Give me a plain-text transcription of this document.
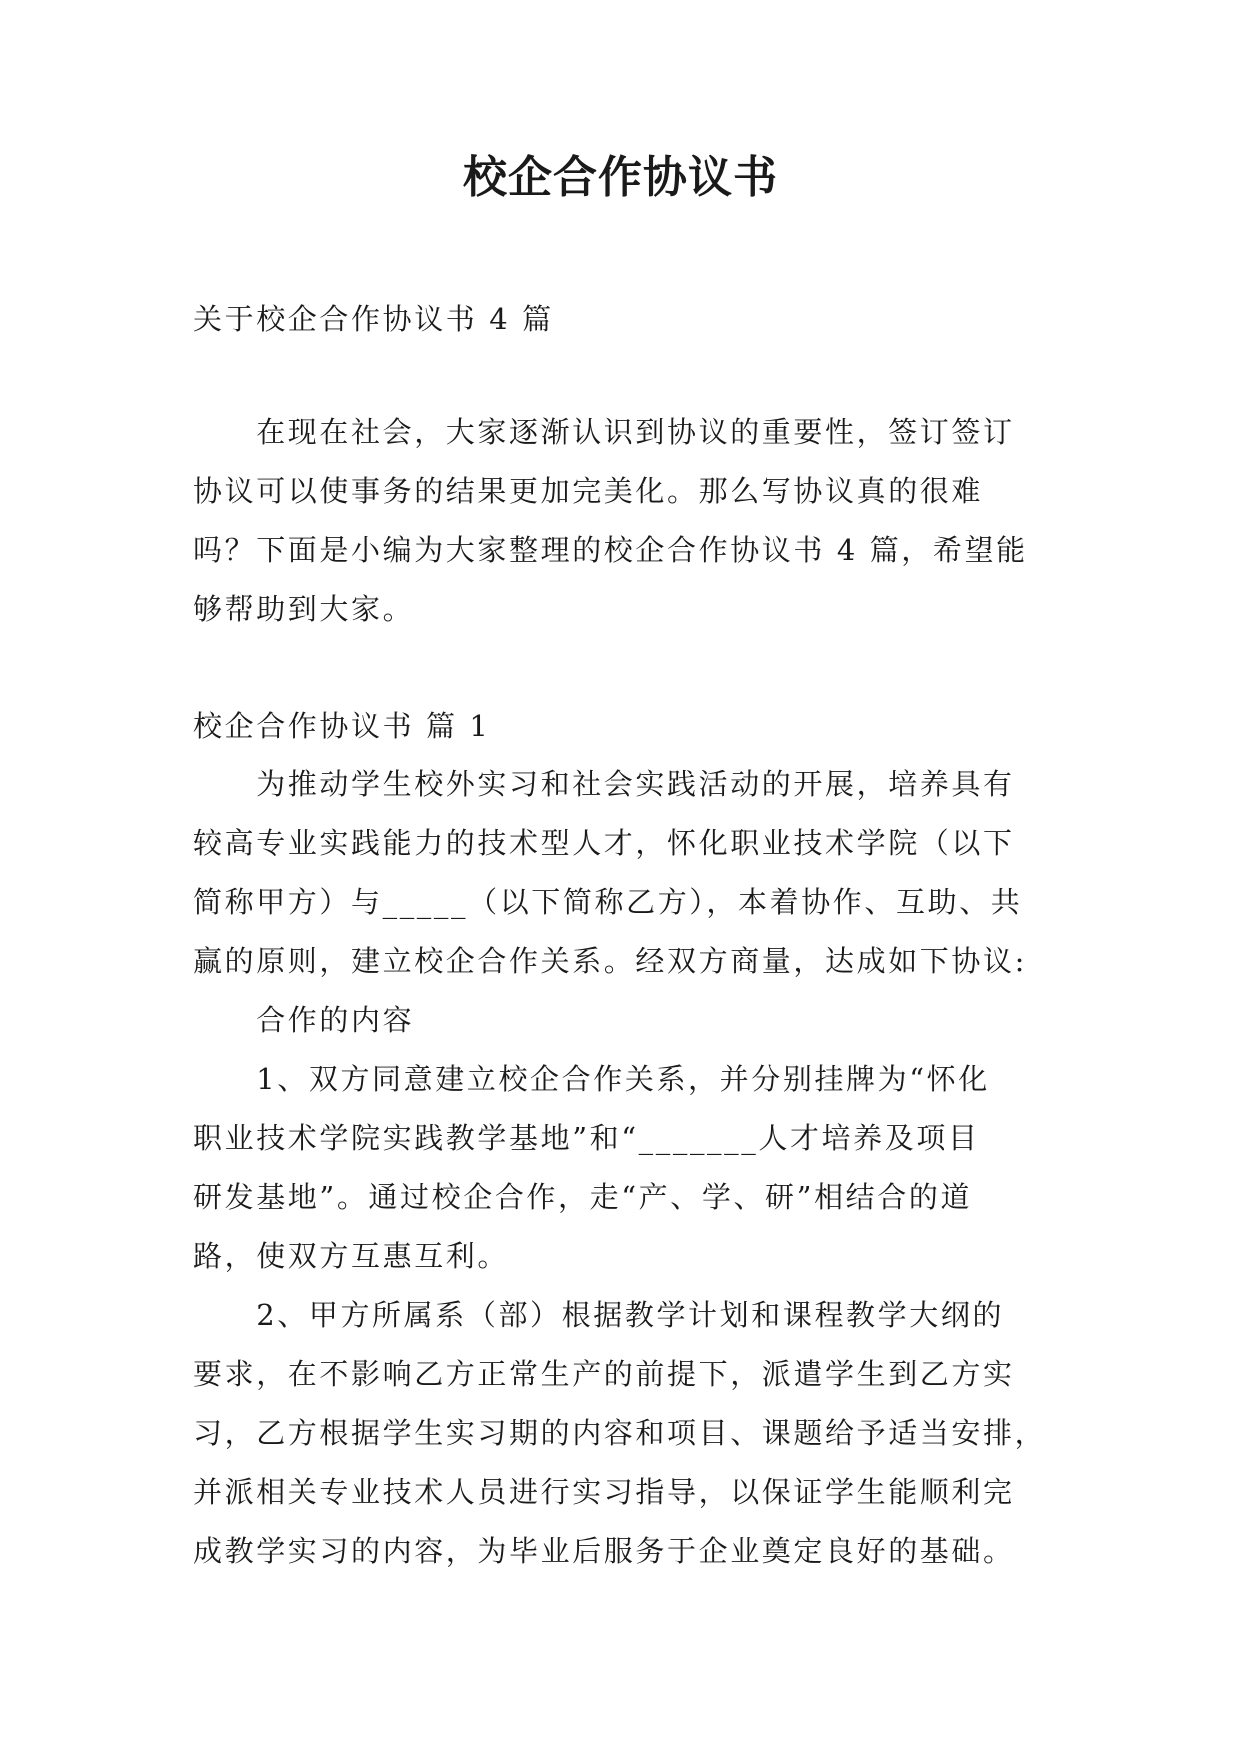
校企合作协议书

关于校企合作协议书 4 篇

　　在现在社会，大家逐渐认识到协议的重要性，签订签订
协议可以使事务的结果更加完美化。那么写协议真的很难
吗？下面是小编为大家整理的校企合作协议书 4 篇，希望能
够帮助到大家。

校企合作协议书 篇 1

　　为推动学生校外实习和社会实践活动的开展，培养具有
较高专业实践能力的技术型人才，怀化职业技术学院（以下
简称甲方）与_____（以下简称乙方），本着协作、互助、共
赢的原则，建立校企合作关系。经双方商量，达成如下协议:
　　合作的内容
　　1、双方同意建立校企合作关系，并分别挂牌为“怀化
职业技术学院实践教学基地”和“_______人才培养及项目
研发基地”。通过校企合作，走“产、学、研”相结合的道
路，使双方互惠互利。
　　2、甲方所属系（部）根据教学计划和课程教学大纲的
要求，在不影响乙方正常生产的前提下，派遣学生到乙方实
习，乙方根据学生实习期的内容和项目、课题给予适当安排，
并派相关专业技术人员进行实习指导，以保证学生能顺利完
成教学实习的内容，为毕业后服务于企业奠定良好的基础。
